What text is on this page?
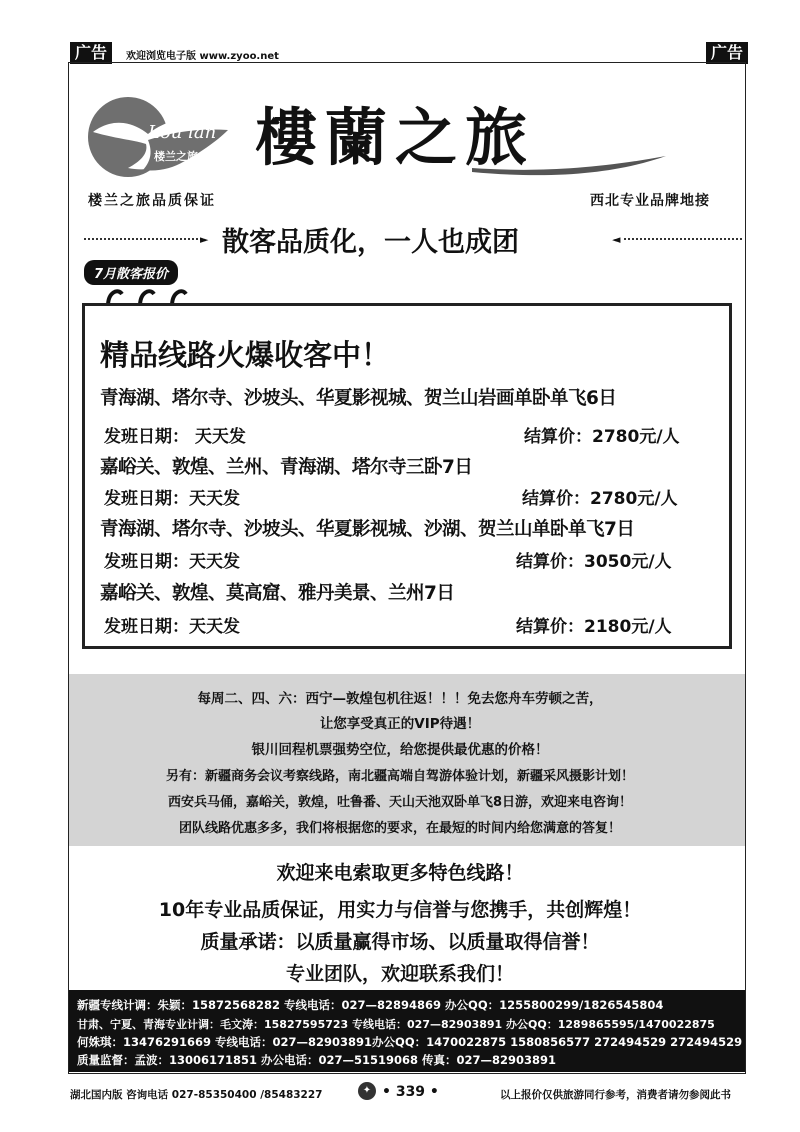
广告	欢迎浏览电子版 www.zyoo.net	广告
Lou lan
楼兰之旅 樓蘭之旅
楼兰之旅品质保证	西北专业品牌地接
► 散客品质化，一人也成团	◄
7月散客报价
精品线路火爆收客中！
青海湖、塔尔寺、沙坡头、华夏影视城、贺兰山岩画单卧单飞6日
发班日期： 天天发	结算价：2780元/人
嘉峪关、敦煌、兰州、青海湖、塔尔寺三卧7日
发班日期：天天发	结算价：2780元/人
青海湖、塔尔寺、沙坡头、华夏影视城、沙湖、贺兰山单卧单飞7日
发班日期：天天发	结算价：3050元/人
嘉峪关、敦煌、莫高窟、雅丹美景、兰州7日
发班日期：天天发	结算价：2180元/人
每周二、四、六：西宁—敦煌包机往返！！！免去您舟车劳顿之苦，
让您享受真正的VIP待遇！
银川回程机票强势空位，给您提供最优惠的价格！
另有：新疆商务会议考察线路，南北疆高端自驾游体验计划，新疆采风摄影计划！
西安兵马俑，嘉峪关，敦煌，吐鲁番、天山天池双卧单飞8日游，欢迎来电咨询！
团队线路优惠多多，我们将根据您的要求，在最短的时间内给您满意的答复！
欢迎来电索取更多特色线路！
10年专业品质保证，用实力与信誉与您携手，共创辉煌！
质量承诺：以质量赢得市场、以质量取得信誉！
专业团队，欢迎联系我们！
新疆专线计调：朱颖：15872568282 专线电话：027—82894869 办公QQ：1255800299/1826545804
甘肃、宁夏、青海专业计调：毛文涛：15827595723 专线电话：027—82903891 办公QQ：1289865595/1470022875
何姝琪：13476291669 专线电话：027—82903891办公QQ：1470022875 1580856577 272494529 272494529
质量监督：孟波：13006171851 办公电话：027—51519068 传真：027—82903891
湖北国内版 咨询电话 027-85350400 /85483227	✦ • 339 •	以上报价仅供旅游同行参考，消费者请勿参阅此书
